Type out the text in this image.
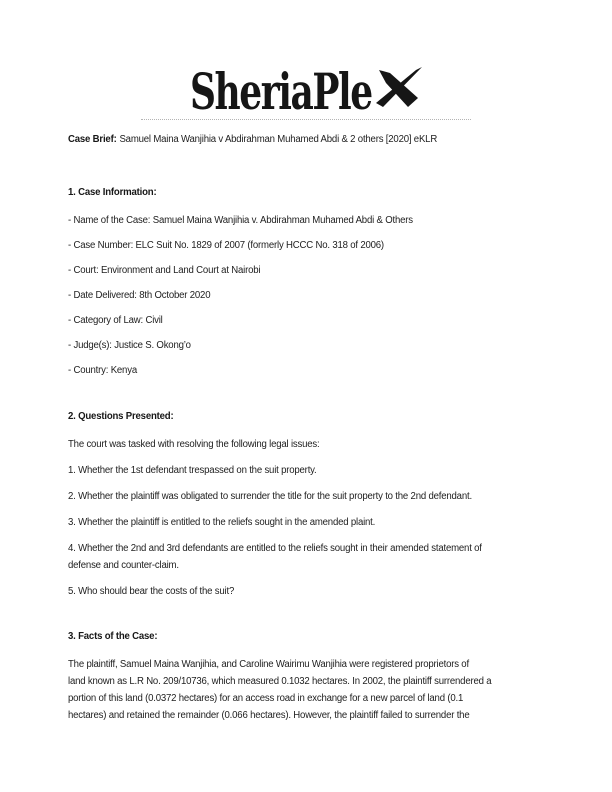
SheriaPle

Case Brief: Samuel Maina Wanjihia v Abdirahman Muhamed Abdi & 2 others [2020] eKLR

1. Case Information:

- Name of the Case: Samuel Maina Wanjihia v. Abdirahman Muhamed Abdi & Others
- Case Number: ELC Suit No. 1829 of 2007 (formerly HCCC No. 318 of 2006)
- Court: Environment and Land Court at Nairobi
- Date Delivered: 8th October 2020
- Category of Law: Civil
- Judge(s): Justice S. Okong’o
- Country: Kenya

2. Questions Presented:

The court was tasked with resolving the following legal issues:
1. Whether the 1st defendant trespassed on the suit property.
2. Whether the plaintiff was obligated to surrender the title for the suit property to the 2nd defendant.
3. Whether the plaintiff is entitled to the reliefs sought in the amended plaint.
4. Whether the 2nd and 3rd defendants are entitled to the reliefs sought in their amended statement of
defense and counter-claim.
5. Who should bear the costs of the suit?

3. Facts of the Case:

The plaintiff, Samuel Maina Wanjihia, and Caroline Wairimu Wanjihia were registered proprietors of
land known as L.R No. 209/10736, which measured 0.1032 hectares. In 2002, the plaintiff surrendered a
portion of this land (0.0372 hectares) for an access road in exchange for a new parcel of land (0.1
hectares) and retained the remainder (0.066 hectares). However, the plaintiff failed to surrender the
